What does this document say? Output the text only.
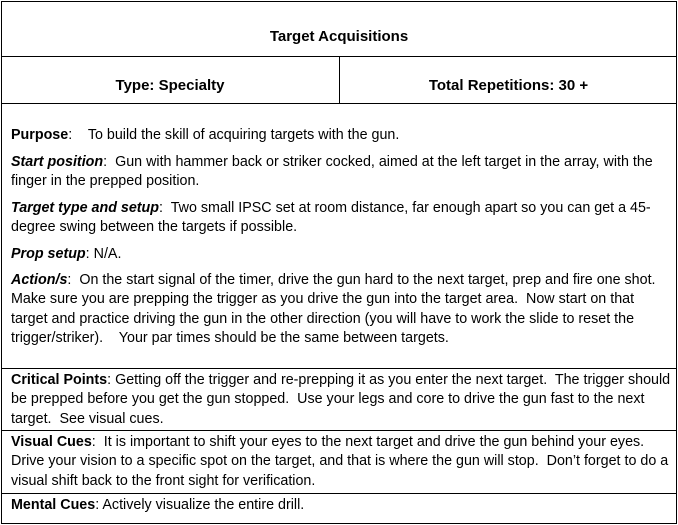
Target Acquisitions
Type: Specialty	Total Repetitions: 30 +

Purpose:    To build the skill of acquiring targets with the gun.

Start position:  Gun with hammer back or striker cocked, aimed at the left target in the array, with the finger in the prepped position.

Target type and setup:  Two small IPSC set at room distance, far enough apart so you can get a 45-degree swing between the targets if possible.

Prop setup: N/A.

Action/s:  On the start signal of the timer, drive the gun hard to the next target, prep and fire one shot.  Make sure you are prepping the trigger as you drive the gun into the target area.  Now start on that target and practice driving the gun in the other direction (you will have to work the slide to reset the trigger/striker).    Your par times should be the same between targets.

Critical Points: Getting off the trigger and re-prepping it as you enter the next target.  The trigger should be prepped before you get the gun stopped.  Use your legs and core to drive the gun fast to the next target.  See visual cues.

Visual Cues:  It is important to shift your eyes to the next target and drive the gun behind your eyes.  Drive your vision to a specific spot on the target, and that is where the gun will stop.  Don’t forget to do a visual shift back to the front sight for verification.

Mental Cues: Actively visualize the entire drill.
